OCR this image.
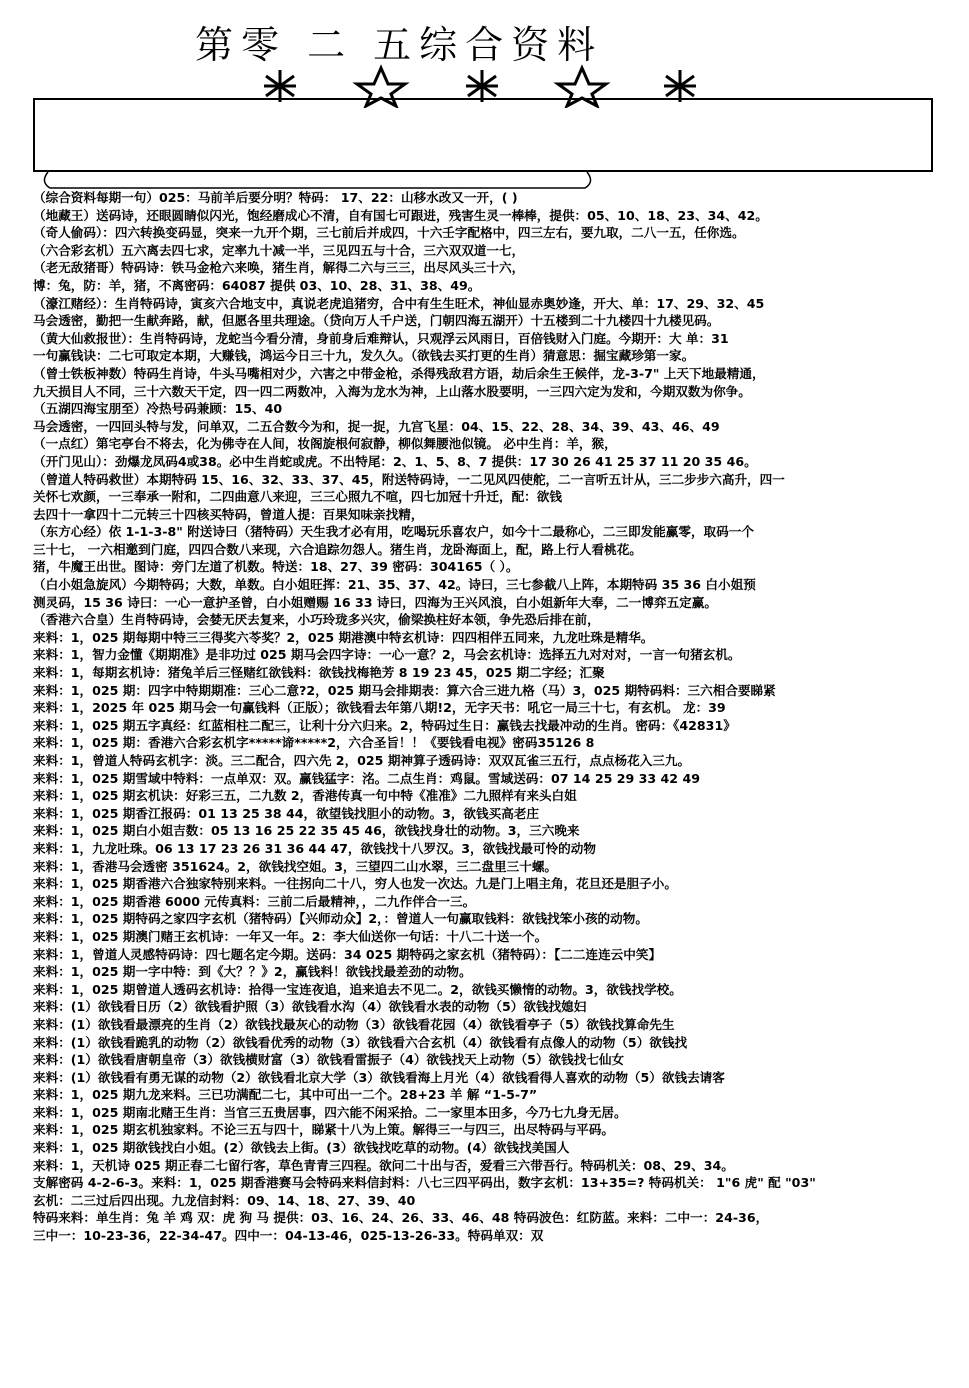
第零 二 五综合资料
（综合资料每期一句）025：马前羊后要分明？特码： 17、22：山移水改又一开，( )
（地藏王）送码诗，还眼圆睛似闪光，饱经磨成心不清，自有国七可跟进，残害生灵一棒棒，提供：05、10、18、23、34、42。
（奇人偷码）：四六转换变码显，突来一九开个期，三七前后并成四，十六壬字配格中，四三左右，要九取，二八一五，任你选。
（六合彩玄机）五六离去四七求，定率九十减一半，三见四五与十合，三六双双道一七，
（老无敌猪哥）特码诗：铁马金枪六来唤，猪生肖，解得二六与三三，出尽风头三十六，
博：兔，防：羊，猪，不离密码：64087 提供 03、10、28、31、38、49。
（濠江赌经）：生肖特码诗，寅亥六合地支中，真说老虎追猪穷，合中有生生旺术，神仙显赤奥妙逢，开大、单：17、29、32、45
马会透密，勤把一生献奔路，献，但愿各里共理途。（贷向万人千户送，门朝四海五湖开）十五楼到二十九楼四十九楼见码。
（黄大仙救报世）：生肖特码诗，龙蛇当今看分清，身前身后难辩认，只观浮云风雨日，百倍钱财入门庭。今期开：大 单：31
一句赢钱诀：二七可取定本期，大赚钱，鸿运今日三十九，发久久。（欲钱去买打更的生肖）猜意思：掘宝藏珍第一家。
（曾士铁板神数）特码生肖诗，牛头马嘴相对少，六害之中带金枪，杀得残敌君方语，劫后余生王候伴，龙-3-7" 上天下地最精通，
九天损目人不同，三十六数天干定，四一四二两数冲，入海为龙水为神，上山落水股要明，一三四六定为发和，今期双数为你争。
（五湖四海宝朋至）冷热号码兼顾：15、40
马会透密，一四回头特与发，问单双，二五合数今为和，捉一捉，九宫飞星：04、15、22、28、34、39、43、46、49
（一点红）第宅亭台不将去，化为佛寺在人间，妆阁旋根何寂静，柳似舞腰池似镜。 必中生肖：羊，猴，
（开门见山）：劲爆龙凤码4或38。必中生肖蛇或虎。不出特尾：2、1、5、8、7 提供：17 30 26 41 25 37 11 20 35 46。
（曾道人特码救世）本期特码 15、16、32、33、37、45，附送特码诗，一二见风四使舵，二一言听五计从，三二步步六高升，四一
关怀七欢颜，一三奉承一附和，二四曲意八来迎，三三心照九不喧，四七加冠十升迁，配：欲钱
去四十一拿四十二元转三十四核买特码，曾道人提：百果知味亲找精，
（东方心经）依 1-1-3-8" 附送诗曰（猪特码）天生我才必有用，吃喝玩乐喜农户，如今十二最称心，二三即发能赢零，取码一个
三十七， 一六相邀到门庭，四四合数八来现，六合追踪勿怨人。猪生肖，龙卧海面上，配，路上行人看桃花。
猪，牛魔王出世。图诗：旁门左道了机数。特送：18、27、39 密码：304165（ ）。
（白小姐急旋风）今期特码；大数，单数。白小姐旺挥：21、35、37、42。诗曰，三七参截八上阵，本期特码 35 36 白小姐预
测灵码，15 36 诗曰：一心一意护圣曾，白小姐赠赐 16 33 诗曰，四海为王兴风浪，白小姐新年大奉，二一博弈五定赢。
（香港六合皇）生肖特码诗，会婪无厌去复来，小巧玲珑多兴灾，偷梁换柱好本领，争先恐后排在前，
来料：1，025 期每期中特三三得奖六苓奖？2，025 期港澳中特玄机诗：四四相伴五同来，九龙吐珠是精华。
来料：1，智力金懂《期期准》是非功过 025 期马会四字诗：一心一意？2，马会玄机诗：选择五九对对对，一言一句猪玄机。
来料：1，每期玄机诗：猪兔羊后三怪赌红欲钱料：欲钱找梅艳芳 8 19 23 45，025 期二字经；汇聚
来料：1，025 期：四字中特期期准：三心二意?2，025 期马会排期表：算六合三进九格（马）3，025 期特码料：三六相合要睇紧
来料：1，2025 年 025 期马会一句赢钱料（正版）；欲钱看去年第八期!2，无字天书：吼它一局三十七，有玄机。 龙：39
来料：1，025 期五字真经：红蓝相柱二配三，让利十分六归来。2，特码过生日：赢钱去找最冲动的生肖。密码：《42831》
来料：1，025 期：香港六合彩玄机字*****谛*****2，六合圣旨！！《要钱看电视》密码35126 8
来料：1，曾道人特码玄机字：淡。三二配合，四六先 2，025 期神算子透码诗：双双瓦雀三五行，点点杨花入三九。
来料：1，025 期雪域中特料：一点单双：双。赢钱猛字：洺。二点生肖：鸡鼠。雪域送码：07 14 25 29 33 42 49
来料：1，025 期玄机诀：好彩三五，二九数 2，香港传真一句中特《准准》二九照样有来头白姐
来料：1，025 期香江报码：01 13 25 38 44，欲望钱找胆小的动物。3，欲钱买高老庄
来料：1，025 期白小姐吉数：05 13 16 25 22 35 45 46，欲钱找身壮的动物。3，三六晚来
来料：1，九龙吐珠。06 13 17 23 26 31 36 44 47，欲钱找十八罗汉。3，欲钱找最可怜的动物
来料：1，香港马会透密 351624。2，欲钱找空姐。3，三望四二山水翠，三二盘里三十螺。
来料：1，025 期香港六合独家特别来料。一往拐向二十八，穷人也发一次达。九是门上唱主角，花旦还是胆子小。
来料：1，025 期香港 6000 元传真料：三前二后最精神，，二九作伴合一三。
来料：1，025 期特码之家四字玄机（猪特码）【兴师动众】2，：曾道人一句赢取钱料：欲钱找笨小孩的动物。
来料：1，025 期澳门赌王玄机诗：一年又一年。2：李大仙送你一句话：十八二十送一个。
来料：1，曾道人灵感特码诗：四七题名定今期。送码：34 025 期特码之家玄机（猪特码）：【二二连连云中笑】
来料：1，025 期一字中特：到《大？？》2，赢钱料！欲钱找最差劲的动物。
来料：1，025 期曾道人透码玄机诗：拾得一宝连夜追，追来追去不见二。2，欲钱买懒惰的动物。3，欲钱找学校。
来料：(1）欲钱看日历（2）欲钱看护照（3）欲钱看水沟（4）欲钱看水表的动物（5）欲钱找媳妇
来料：(1）欲钱看最漂亮的生肖（2）欲钱找最灰心的动物（3）欲钱看花园（4）欲钱看亭子（5）欲钱找算命先生
来料：(1）欲钱看跪乳的动物（2）欲钱看优秀的动物（3）欲钱看六合玄机（4）欲钱看有点像人的动物（5）欲钱找
来料：(1）欲钱看唐朝皇帝（3）欲钱横财富（3）欲钱看雷振子（4）欲钱找天上动物（5）欲钱找七仙女
来料：(1）欲钱看有勇无谋的动物（2）欲钱看北京大学（3）欲钱看海上月光（4）欲钱看得人喜欢的动物（5）欲钱去请客
来料：1，025 期九龙来料。三已功满配二七，其中可出一二个。28+23 羊 解 “1-5-7”
来料：1，025 期南北赌王生肖：当官三五贵居事，四六能不闲采拾。二一家里本田多，今乃七九身无居。
来料：1，025 期玄机独家料。不论三五与四十，睇紧十八为上策。解得三一与四三，出尽特码与平码。
来料：1，025 期欲钱找白小姐。(2）欲钱去上街。(3）欲钱找吃草的动物。(4）欲钱找美国人
来料：1，天机诗 025 期正春二七留行客，草色青青三四程。欲问二十出与否，爱看三六带吾行。特码机关：08、29、34。
支解密码 4-2-6-3。来料：1，025 期香港赛马会特码来料信封料：八七三四平码出，数字玄机：13+35=? 特码机关： 1"6 虎" 配 "03"
玄机：二三过后四出现。九龙信封料：09、14、18、27、39、40
特码来料：单生肖：兔 羊 鸡 双：虎 狗 马 提供：03、16、24、26、33、46、48 特码波色：红防蓝。来料：二中一：24-36，
三中一：10-23-36，22-34-47。四中一：04-13-46，025-13-26-33。特码单双：双
